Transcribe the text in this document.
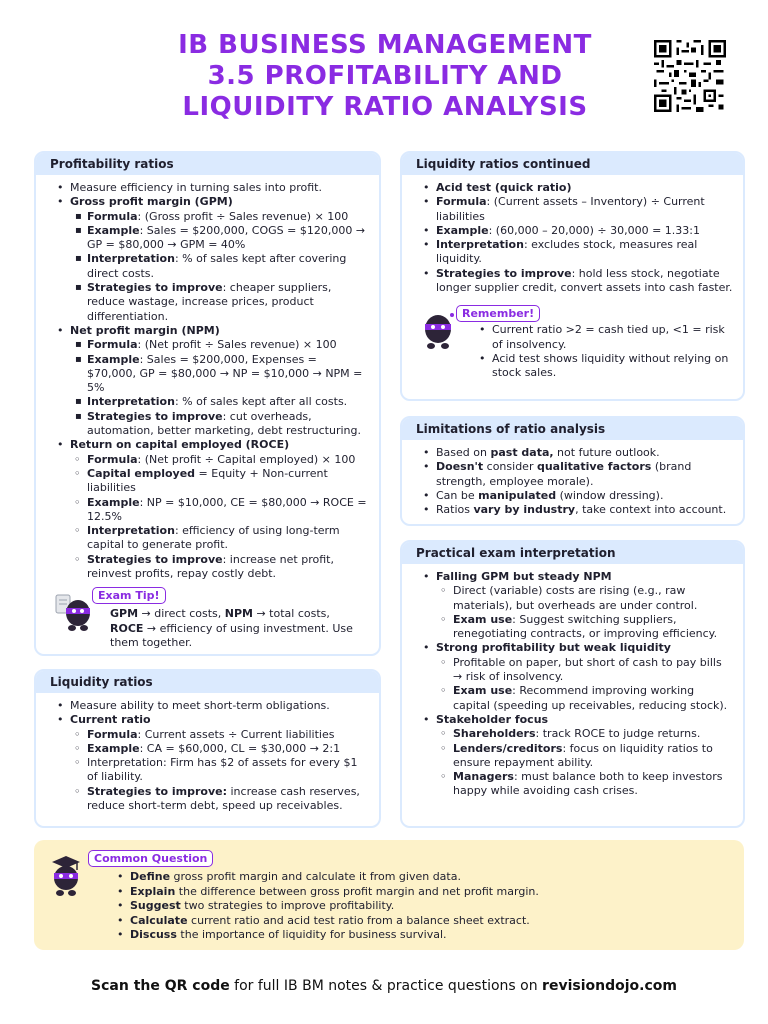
IB BUSINESS MANAGEMENT
3.5 PROFITABILITY AND
LIQUIDITY RATIO ANALYSIS
Profitability ratios
• Measure efficiency in turning sales into profit.
• Gross profit margin (GPM)
▪ Formula: (Gross profit ÷ Sales revenue) × 100
▪ Example: Sales = $200,000, COGS = $120,000 → GP = $80,000 → GPM = 40%
▪ Interpretation: % of sales kept after covering direct costs.
▪ Strategies to improve: cheaper suppliers, reduce wastage, increase prices, product differentiation.
• Net profit margin (NPM)
▪ Formula: (Net profit ÷ Sales revenue) × 100
▪ Example: Sales = $200,000, Expenses = $70,000, GP = $80,000 → NP = $10,000 → NPM = 5%
▪ Interpretation: % of sales kept after all costs.
▪ Strategies to improve: cut overheads, automation, better marketing, debt restructuring.
• Return on capital employed (ROCE)
◦ Formula: (Net profit ÷ Capital employed) × 100
◦ Capital employed = Equity + Non-current liabilities
◦ Example: NP = $10,000, CE = $80,000 → ROCE = 12.5%
◦ Interpretation: efficiency of using long-term capital to generate profit.
◦ Strategies to improve: increase net profit, reinvest profits, repay costly debt.
Exam Tip!
GPM → direct costs, NPM → total costs,
ROCE → efficiency of using investment. Use them together.
Liquidity ratios
• Measure ability to meet short-term obligations.
• Current ratio
◦ Formula: Current assets ÷ Current liabilities
◦ Example: CA = $60,000, CL = $30,000 → 2:1
◦ Interpretation: Firm has $2 of assets for every $1 of liability.
◦ Strategies to improve: increase cash reserves, reduce short-term debt, speed up receivables.
Liquidity ratios continued
• Acid test (quick ratio)
• Formula: (Current assets – Inventory) ÷ Current liabilities
• Example: (60,000 – 20,000) ÷ 30,000 = 1.33:1
• Interpretation: excludes stock, measures real liquidity.
• Strategies to improve: hold less stock, negotiate longer supplier credit, convert assets into cash faster.
Remember!
• Current ratio >2 = cash tied up, <1 = risk of insolvency.
• Acid test shows liquidity without relying on stock sales.
Limitations of ratio analysis
• Based on past data, not future outlook.
• Doesn't consider qualitative factors (brand strength, employee morale).
• Can be manipulated (window dressing).
• Ratios vary by industry, take context into account.
Practical exam interpretation
• Falling GPM but steady NPM
◦ Direct (variable) costs are rising (e.g., raw materials), but overheads are under control.
◦ Exam use: Suggest switching suppliers, renegotiating contracts, or improving efficiency.
• Strong profitability but weak liquidity
◦ Profitable on paper, but short of cash to pay bills → risk of insolvency.
◦ Exam use: Recommend improving working capital (speeding up receivables, reducing stock).
• Stakeholder focus
◦ Shareholders: track ROCE to judge returns.
◦ Lenders/creditors: focus on liquidity ratios to ensure repayment ability.
◦ Managers: must balance both to keep investors happy while avoiding cash crises.
Common Question
• Define gross profit margin and calculate it from given data.
• Explain the difference between gross profit margin and net profit margin.
• Suggest two strategies to improve profitability.
• Calculate current ratio and acid test ratio from a balance sheet extract.
• Discuss the importance of liquidity for business survival.
Scan the QR code for full IB BM notes & practice questions on revisiondojo.com
